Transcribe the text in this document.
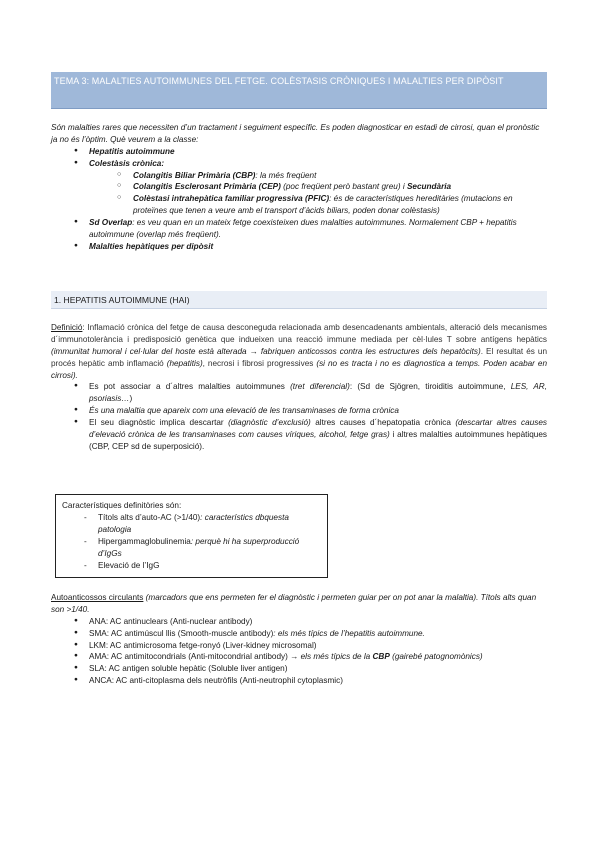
TEMA 3: MALALTIES AUTOIMMUNES DEL FETGE. COLÈSTASIS CRÒNIQUES I MALALTIES PER DIPÒSIT
Són malalties rares que necessiten d’un tractament i seguiment específic. Es poden diagnosticar en estadi de cirrosi, quan el pronòstic ja no és l’òptim. Què veurem a la classe:
● Hepatitis autoimmune
● Colestàsis crònica:
○ Colangitis Biliar Primària (CBP): la més freqüent
○ Colangitis Esclerosant Primària (CEP) (poc freqüent però bastant greu) i Secundària
○ Colèstasi intrahepàtica familiar progressiva (PFIC): és de característiques hereditàries (mutacions en proteïnes que tenen a veure amb el transport d’àcids biliars, poden donar colèstasis)
● Sd Overlap: es veu quan en un mateix fetge coexisteixen dues malalties autoimmunes. Normalement CBP + hepatitis autoimmune (overlap més freqüent).
● Malalties hepàtiques per dipòsit
1. HEPATITIS AUTOIMMUNE (HAI)
Definició: Inflamació crònica del fetge de causa desconeguda relacionada amb desencadenants ambientals, alteració dels mecanismes d´immunotolerància i predisposició genètica que indueixen una reacció immune mediada per cèl·lules T sobre antígens hepàtics (immunitat humoral i cel·lular del hoste està alterada → fabriquen anticossos contra les estructures dels hepatòcits). El resultat és un procés hepàtic amb inflamació (hepatitis), necrosi i fibrosi progressives (si no es tracta i no es diagnostica a temps. Poden acabar en cirrosi).
● Es pot associar a d´altres malalties autoimmunes (tret diferencial): (Sd de Sjögren, tiroiditis autoimmune, LES, AR, psoriasis…)
● És una malaltia que apareix com una elevació de les transaminases de forma crònica
● El seu diagnòstic implica descartar (diagnòstic d’exclusió) altres causes d´hepatopatia crònica (descartar altres causes d’elevació crònica de les transaminases com causes víriques, alcohol, fetge gras) i altres malalties autoimmunes hepàtiques (CBP, CEP sd de superposició).
Característiques definitòries són:
- Títols alts d’auto-AC (>1/40): característics dbquesta patologia
- Hipergammaglobulinemia: perquè hi ha superproducció d’IgGs
- Elevació de l’IgG
Autoanticossos circulants (marcadors que ens permeten fer el diagnòstic i permeten guiar per on pot anar la malaltia). Títols alts quan son >1/40.
● ANA: AC antinuclears (Anti-nuclear antibody)
● SMA: AC antimúscul llis (Smooth-muscle antibody): els més típics de l’hepatitis autoimmune.
● LKM: AC antimicrosoma fetge-ronyó (Liver-kidney microsomal)
● AMA: AC antimitocondrials (Anti-mitocondrial antibody) → els més típics de la CBP (gairebé patognomònics)
● SLA: AC antigen soluble hepàtic (Soluble liver antigen)
● ANCA: AC anti-citoplasma dels neutròfils (Anti-neutrophil cytoplasmic)
